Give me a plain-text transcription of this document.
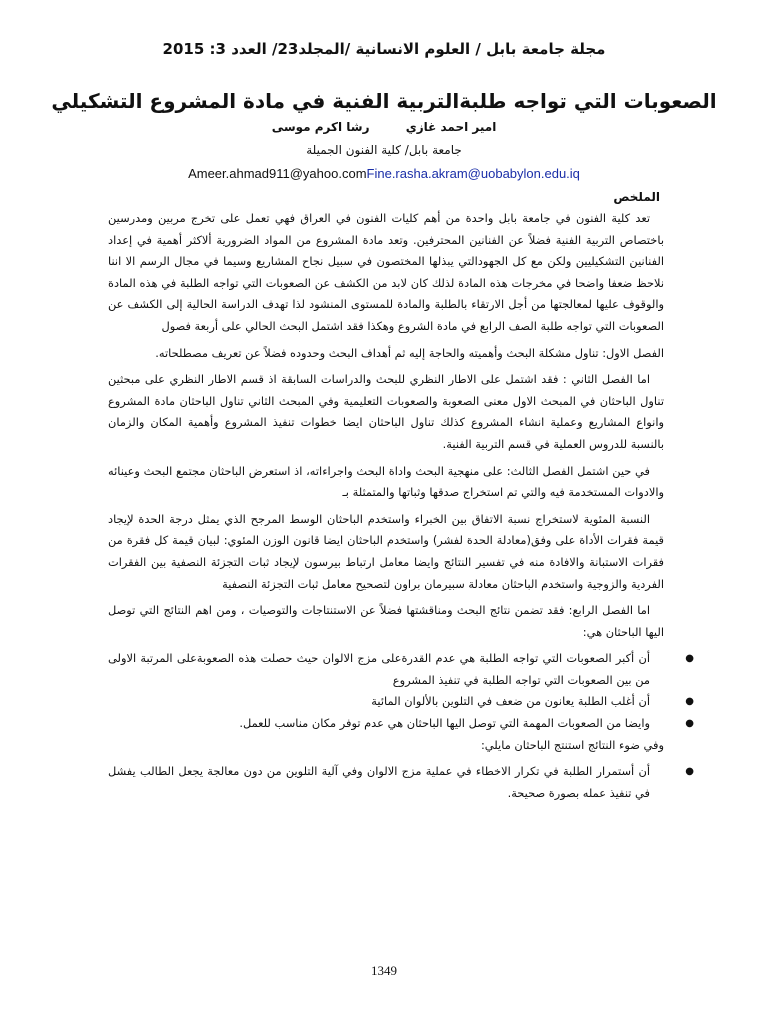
مجلة جامعة بابل / العلوم الانسانية /المجلد23/ العدد 3: 2015
الصعوبات التي تواجه طلبةالتربية الفنية في مادة المشروع التشكيلي
امير احمد غازي رشا اكرم موسى
جامعة بابل/ كلية الفنون الجميلة
Ameer.ahmad911@yahoo.comFine.rasha.akram@uobabylon.edu.iq
الملخص

تعد كلية الفنون في جامعة بابل واحدة من أهم كليات الفنون في العراق فهي تعمل على تخرج مربين ومدرسين باختصاص التربية الفنية فضلاً عن الفنانين المحترفين. وتعد مادة المشروع من المواد الضرورية ألاكثر أهمية في إعداد الفنانين التشكيليين ولكن مع كل الجهودالتي يبذلها المختصون في سبيل نجاح المشاريع وسيما في مجال الرسم الا اننا نلاحظ ضعفا واضحا في مخرجات هذه المادة لذلك كان لابد من الكشف عن الصعوبات التي تواجه الطلبة في هذه المادة والوقوف عليها لمعالجتها من أجل الارتقاء بالطلبة والمادة للمستوى المنشود لذا تهدف الدراسة الحالية إلى الكشف عن الصعوبات التي تواجه طلبة الصف الرابع في مادة الشروع وهكذا فقد اشتمل البحث الحالي على أربعة فصول

الفصل الاول: تناول مشكلة البحث وأهميته والحاجة إليه ثم أهداف البحث وحدوده فضلاً عن تعريف مصطلحاته.

اما الفصل الثاني : فقد اشتمل على الاطار النظري للبحث والدراسات السابقة اذ قسم الاطار النظري على مبحثين تناول الباحثان في المبحث الاول معنى الصعوبة والصعوبات التعليمية وفي المبحث الثاني تناول الباحثان مادة المشروع وانواع المشاريع وعملية انشاء المشروع كذلك تناول الباحثان ايضا خطوات تنفيذ المشروع وأهمية المكان والزمان بالنسبة للدروس العملية في قسم التربية الفنية.

في حين اشتمل الفصل الثالث: على منهجية البحث واداة البحث واجراءاته، اذ استعرض الباحثان مجتمع البحث وعينائه والادوات المستخدمة فيه والتي تم استخراج صدقها وثباتها والمتمثلة بـ

النسبة المئوية لاستخراج نسبة الاتفاق بين الخبراء واستخدم الباحثان الوسط المرجح الذي يمثل درجة الحدة لإيجاد قيمة فقرات الأداة على وفق(معادلة الحدة لفشر) واستخدم الباحثان ايضا قانون الوزن المئوي: لبيان قيمة كل فقرة من فقرات الاستبانة والافادة منه في تفسير النتائج وايضا معامل ارتباط بيرسون لإيجاد ثبات التجزئة النصفية بين الفقرات الفردية والزوجية واستخدم الباحثان معادلة سبيرمان براون لتصحيح معامل ثبات التجزئة النصفية

اما الفصل الرابع: فقد تضمن نتائج البحث ومناقشتها فضلاً عن الاستنتاجات والتوصيات ، ومن اهم النتائج التي توصل اليها الباحثان هي:

●
أن أكبر الصعوبات التي تواجه الطلبة هي عدم القدرةعلى مزج الالوان حيث حصلت هذه الصعوبةعلى المرتبة الاولى من بين الصعوبات التي تواجه الطلبة في تنفيذ المشروع
●
أن أغلب الطلبة يعانون من ضعف في التلوين بالألوان المائية
●
وايضا من الصعوبات المهمة التي توصل اليها الباحثان هي عدم توفر مكان مناسب للعمل.

وفي ضوء النتائج استنتج الباحثان مايلي:

●
أن أستمرار الطلبة في تكرار الاخطاء في عملية مزج الالوان وفي آلية التلوين من دون معالجة يجعل الطالب يفشل في تنفيذ عمله بصورة صحيحة.
1349
